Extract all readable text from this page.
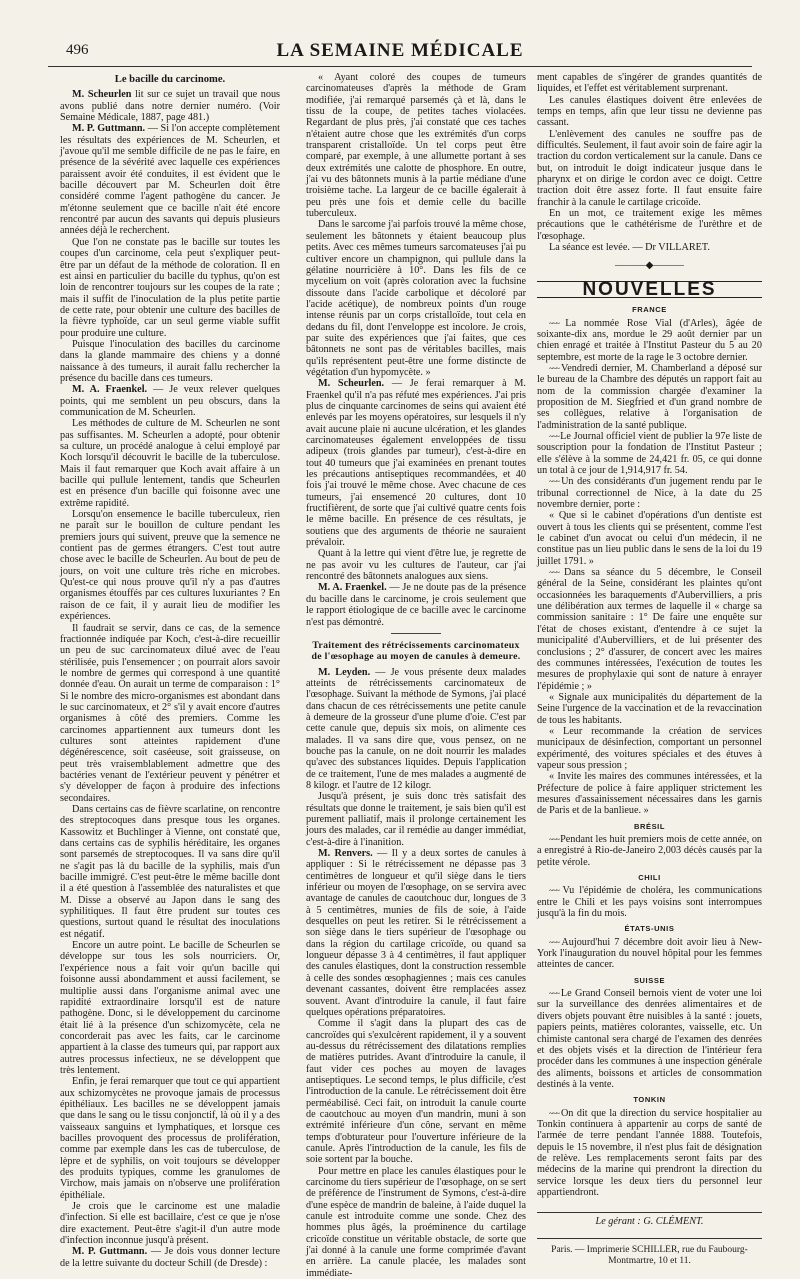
496	LA SEMAINE MÉDICALE
Le bacille du carcinome.

M. Scheurlen lit sur ce sujet un travail que nous avons publié dans notre dernier numéro. (Voir Semaine Médicale, 1887, page 481.)

M. P. Guttmann. — Si l'on accepte complètement les résultats des expériences de M. Scheurlen, et j'avoue qu'il me semble difficile de ne pas le faire, en présence de la sévérité avec laquelle ces expériences paraissent avoir été conduites, il est évident que le bacille découvert par M. Scheurlen doit être considéré comme l'agent pathogène du cancer. Je m'étonne seulement que ce bacille n'ait été encore rencontré par aucun des savants qui depuis plusieurs années déjà le recherchent.

Que l'on ne constate pas le bacille sur toutes les coupes d'un carcinome, cela peut s'expliquer peut-être par un défaut de la méthode de coloration. Il en est ainsi en particulier du bacille du typhus, qu'on est loin de rencontrer toujours sur les coupes de la rate ; mais il suffit de l'inoculation de la plus petite partie de cette rate, pour obtenir une culture des bacilles de la fièvre typhoïde, car un seul germe viable suffit pour produire une culture.

Puisque l'inoculation des bacilles du carcinome dans la glande mammaire des chiens y a donné naissance à des tumeurs, il aurait fallu rechercher la présence du bacille dans ces tumeurs.

M. A. Fraenkel. — Je veux relever quelques points, qui me semblent un peu obscurs, dans la communication de M. Scheurlen.

Les méthodes de culture de M. Scheurlen ne sont pas suffisantes. M. Scheurlen a adopté, pour obtenir sa culture, un procédé analogue à celui employé par Koch lorsqu'il découvrit le bacille de la tuberculose. Mais il faut remarquer que Koch avait affaire à un bacille qui pullule lentement, tandis que Scheurlen est en présence d'un bacille qui foisonne avec une extrême rapidité.

Lorsqu'on ensemence le bacille tuberculeux, rien ne paraît sur le bouillon de culture pendant les premiers jours qui suivent, preuve que la semence ne contient pas de germes étrangers. C'est tout autre chose avec le bacille de Scheurlen. Au bout de peu de jours, on voit une culture très riche en microbes. Qu'est-ce qui nous prouve qu'il n'y a pas d'autres organismes étouffés par ces cultures luxuriantes ? En raison de ce fait, il y aurait lieu de modifier les expériences.

Il faudrait se servir, dans ce cas, de la semence fractionnée indiquée par Koch, c'est-à-dire recueillir un peu de suc carcinomateux dilué avec de l'eau stérilisée, puis l'ensemencer ; on pourrait alors savoir le nombre de germes qui correspond à une quantité donnée d'eau. On aurait un terme de comparaison : 1° Si le nombre des micro-organismes est abondant dans le suc carcinomateux, et 2° s'il y avait encore d'autres organismes à côté des premiers. Comme les carcinomes appartiennent aux tumeurs dont les cultures sont atteintes rapidement d'une dégénérescence, soit caséeuse, soit graisseuse, on peut très vraisemblablement admettre que des bactéries venant de l'extérieur peuvent y pénétrer et s'y développer de façon à produire des infections secondaires.

Dans certains cas de fièvre scarlatine, on rencontre des streptocoques dans presque tous les organes. Kassowitz et Buchlinger à Vienne, ont constaté que, dans certains cas de syphilis héréditaire, les organes sont parsemés de streptocoques. Il va sans dire qu'il ne s'agit pas là du bacille de la syphilis, mais d'un bacille immigré. C'est peut-être le même bacille dont il a été question à l'assemblée des naturalistes et que M. Disse a observé au Japon dans le sang des syphilitiques. Il faut être prudent sur toutes ces questions, surtout quand le résultat des inoculations est négatif.

Encore un autre point. Le bacille de Scheurlen se développe sur tous les sols nourriciers. Or, l'expérience nous a fait voir qu'un bacille qui foisonne aussi abondamment et aussi facilement, se multiplie aussi dans l'organisme animal avec une rapidité extraordinaire lorsqu'il est de nature pathogène. Donc, si le développement du carcinome était lié à la présence d'un schizomycète, cela ne concorderait pas avec les faits, car le carcinome appartient à la classe des tumeurs qui, par rapport aux autres processus infectieux, ne se développent que très lentement.

Enfin, je ferai remarquer que tout ce qui appartient aux schizomycètes ne provoque jamais de processus épithéliaux. Les bacilles ne se développent jamais que dans le sang ou le tissu conjonctif, là où il y a des vaisseaux sanguins et lymphatiques, et lorsque ces bacilles provoquent des processus de prolifération, comme par exemple dans les cas de tuberculose, de lèpre et de syphilis, on voit toujours se développer des produits typiques, comme les granulomes de Virchow, mais jamais on n'observe une prolifération épithéliale.

Je crois que le carcinome est une maladie d'infection. Si elle est bacillaire, c'est ce que je n'ose dire exactement. Peut-être s'agit-il d'un autre mode d'infection inconnue jusqu'à présent.

M. P. Guttmann. — Je dois vous donner lecture de la lettre suivante du docteur Schill (de Dresde) :

« Ayant coloré des coupes de tumeurs carcinomateuses d'après la méthode de Gram modifiée, j'ai remarqué parsemés çà et là, dans le tissu de la coupe, de petites taches violacées. Regardant de plus près, j'ai constaté que ces taches n'étaient autre chose que les extrémités d'un corps transparent cristalloïde. Un tel corps peut être comparé, par exemple, à une allumette portant à ses deux extrémités une calotte de phosphore. En outre, j'ai vu des bâtonnets munis à la partie médiane d'une troisième tache. La largeur de ce bacille égalerait à peu près une fois et demie celle du bacille tuberculeux.

Dans le sarcome j'ai parfois trouvé la même chose, seulement les bâtonnets y étaient beaucoup plus petits. Avec ces mêmes tumeurs sarcomateuses j'ai pu cultiver encore un champignon, qui pullule dans la gélatine nourricière à 10°. Dans les fils de ce mycelium on voit (après coloration avec la fuchsine dissoute dans l'acide carbolique et décoloré par l'acide acétique), de nombreux points d'un rouge intense réunis par un corps cristalloïde, tout cela en dedans du fil, dont l'enveloppe est incolore. Je crois, par suite des expériences que j'ai faites, que ces bâtonnets ne sont pas de véritables bacilles, mais qu'ils représentent peut-être une forme distincte de végétation d'un hypomycète. »

M. Scheurlen. — Je ferai remarquer à M. Fraenkel qu'il n'a pas réfuté mes expériences. J'ai pris plus de cinquante carcinomes de seins qui avaient été enlevés par les moyens opératoires, sur lesquels il n'y avait aucune plaie ni aucune ulcération, et les glandes carcinomateuses également enveloppées de tissu adipeux (trois glandes par tumeur), c'est-à-dire en tout 40 tumeurs que j'ai examinées en prenant toutes les précautions antiseptiques recommandées, et 40 fois j'ai trouvé le même chose. Avec chacune de ces tumeurs, j'ai ensemencé 20 cultures, dont 10 fructifièrent, de sorte que j'ai cultivé quatre cents fois le même bacille. En présence de ces résultats, je soutiens que des arguments de théorie ne sauraient prévaloir.

Quant à la lettre qui vient d'être lue, je regrette de ne pas avoir vu les cultures de l'auteur, car j'ai rencontré des bâtonnets analogues aux siens.

M. A. Fraenkel. — Je ne doute pas de la présence du bacille dans le carcinome, je crois seulement que le rapport étiologique de ce bacille avec le carcinome n'est pas démontré.

Traitement des rétrécissements carcinomateux de l'œsophage au moyen de canules à demeure.

M. Leyden. — Je vous présente deux malades atteints de rétrécissements carcinomateux de l'œsophage. Suivant la méthode de Symons, j'ai placé dans chacun de ces rétrécissements une petite canule à demeure de la grosseur d'une plume d'oie. C'est par cette canule que, depuis six mois, on alimente ces malades. Il va sans dire que, vous pensez, on ne bouche pas la canule, on ne doit nourrir les malades qu'avec des substances liquides. Depuis l'application de ce traitement, l'une de mes malades a augmenté de 8 kilogr. et l'autre de 12 kilogr.

Jusqu'à présent, je suis donc très satisfait des résultats que donne le traitement, je sais bien qu'il est purement palliatif, mais il prolonge certainement les jours des malades, car il remédie au danger immédiat, c'est-à-dire à l'inanition.

M. Renvers. — Il y a deux sortes de canules à appliquer : Si le rétrécissement ne dépasse pas 3 centimètres de longueur et qu'il siège dans le tiers inférieur ou moyen de l'œsophage, on se servira avec avantage de canules de caoutchouc dur, longues de 3 à 5 centimètres, munies de fils de soie, à l'aide desquelles on peut les retirer. Si le rétrécissement a son siège dans le tiers supérieur de l'œsophage ou dans la région du cartilage cricoïde, ou quand sa longueur dépasse 3 à 4 centimètres, il faut appliquer des canules élastiques, dont la construction ressemble à celle des sondes œsophagiennes ; mais ces canules devenant cassantes, doivent être remplacées assez souvent. Avant d'introduire la canule, il faut faire quelques opérations préparatoires.

Comme il s'agit dans la plupart des cas de cancroïdes qui s'exulcèrent rapidement, il y a souvent au-dessus du rétrécissement des dilatations remplies de matières putrides. Avant d'introduire la canule, il faut vider ces poches au moyen de lavages antiseptiques. Le second temps, le plus difficile, c'est l'introduction de la canule. Le rétrécissement doit être perméabilisé. Ceci fait, on introduit la canule courte de caoutchouc au moyen d'un mandrin, muni à son extrémité inférieure d'un cône, servant en même temps d'obturateur pour l'ouverture inférieure de la canule. Après l'introduction de la canule, les fils de soie sortent par la bouche.

Pour mettre en place les canules élastiques pour le carcinome du tiers supérieur de l'œsophage, on se sert de préférence de l'instrument de Symons, c'est-à-dire d'une espèce de mandrin de baleine, à l'aide duquel la canule est introduite comme une sonde. Chez des hommes plus âgés, la proéminence du cartilage cricoïde constitue un véritable obstacle, de sorte que j'ai donné à la canule une forme comprimée d'avant en arrière. La canule placée, les malades sont immédiate-

ment capables de s'ingérer de grandes quantités de liquides, et l'effet est véritablement surprenant.

Les canules élastiques doivent être enlevées de temps en temps, afin que leur tissu ne devienne pas cassant.

L'enlèvement des canules ne souffre pas de difficultés. Seulement, il faut avoir soin de faire agir la traction du cordon verticalement sur la canule. Dans ce but, on introduit le doigt indicateur jusque dans le pharynx et on dirige le cordon avec ce doigt. Cettre traction doit être assez forte. Il faut ensuite faire franchir à la canule le cartilage cricoïde.

En un mot, ce traitement exige les mêmes précautions que le cathétérisme de l'urèthre et de l'œsophage.

La séance est levée. — Dr VILLARET.

———◆———
NOUVELLES
FRANCE

~~~ La nommée Rose Vial (d'Arles), âgée de soixante-dix ans, mordue le 29 août dernier par un chien enragé et traitée à l'Institut Pasteur du 5 au 20 septembre, est morte de la rage le 3 octobre dernier.

~~~ Vendredi dernier, M. Chamberland a déposé sur le bureau de la Chambre des députés un rapport fait au nom de la commission chargée d'examiner la proposition de M. Siegfried et d'un grand nombre de ses collègues, relative à l'organisation de l'administration de la santé publique.

~~~ Le Journal officiel vient de publier la 97e liste de souscription pour la fondation de l'Institut Pasteur ; elle s'élève à la somme de 24,421 fr. 05, ce qui donne un total à ce jour de 1,914,917 fr. 54.

~~~ Un des considérants d'un jugement rendu par le tribunal correctionnel de Nice, à la date du 25 novembre dernier, porte :

« Que si le cabinet d'opérations d'un dentiste est ouvert à tous les clients qui se présentent, comme l'est le cabinet d'un avocat ou celui d'un médecin, il ne constitue pas un lieu public dans le sens de la loi du 19 juillet 1791. »

~~~ Dans sa séance du 5 décembre, le Conseil général de la Seine, considérant les plaintes qu'ont occasionnées les baraquements d'Aubervilliers, a pris une délibération aux termes de laquelle il « charge sa commission sanitaire : 1° De faire une enquête sur l'état de choses existant, d'entendre à ce sujet la municipalité d'Aubervilliers, et de lui présenter des conclusions ; 2° d'assurer, de concert avec les maires des communes intéressées, l'exécution de toutes les mesures de prophylaxie qui sont de nature à enrayer l'épidémie ; »

« Signale aux municipalités du département de la Seine l'urgence de la vaccination et de la revaccination de tous les habitants.

« Leur recommande la création de services municipaux de désinfection, comportant un personnel expérimenté, des voitures spéciales et des étuves à vapeur sous pression ;

« Invite les maires des communes intéressées, et la Préfecture de police à faire appliquer strictement les mesures d'assainissement nécessaires dans les garnis de Paris et de la banlieue. »

BRÉSIL

~~~ Pendant les huit premiers mois de cette année, on a enregistré à Rio-de-Janeiro 2,003 décès causés par la petite vérole.

CHILI

~~~ Vu l'épidémie de choléra, les communications entre le Chili et les pays voisins sont interrompues jusqu'à la fin du mois.

ÉTATS-UNIS

~~~ Aujourd'hui 7 décembre doit avoir lieu à New-York l'inauguration du nouvel hôpital pour les femmes atteintes de cancer.

SUISSE

~~~ Le Grand Conseil bernois vient de voter une loi sur la surveillance des denrées alimentaires et de divers objets pouvant être nuisibles à la santé : jouets, papiers peints, matières colorantes, vaisselle, etc. Un chimiste cantonal sera chargé de l'examen des denrées et des objets visés et la direction de l'intérieur fera procéder dans les communes à une inspection générale des aliments, boissons et articles de consommation destinés à la vente.

TONKIN

~~~ On dit que la direction du service hospitalier au Tonkin continuera à appartenir au corps de santé de l'armée de terre pendant l'année 1888. Toutefois, depuis le 15 novembre, il n'est plus fait de désignation de relève. Les remplacements seront faits par des médecins de la marine qui prendront la direction du service lorsque les deux tiers du personnel leur appartiendront.

Le gérant : G. CLÉMENT.
Paris. — Imprimerie SCHILLER, rue du Faubourg-Montmartre, 10 et 11.
